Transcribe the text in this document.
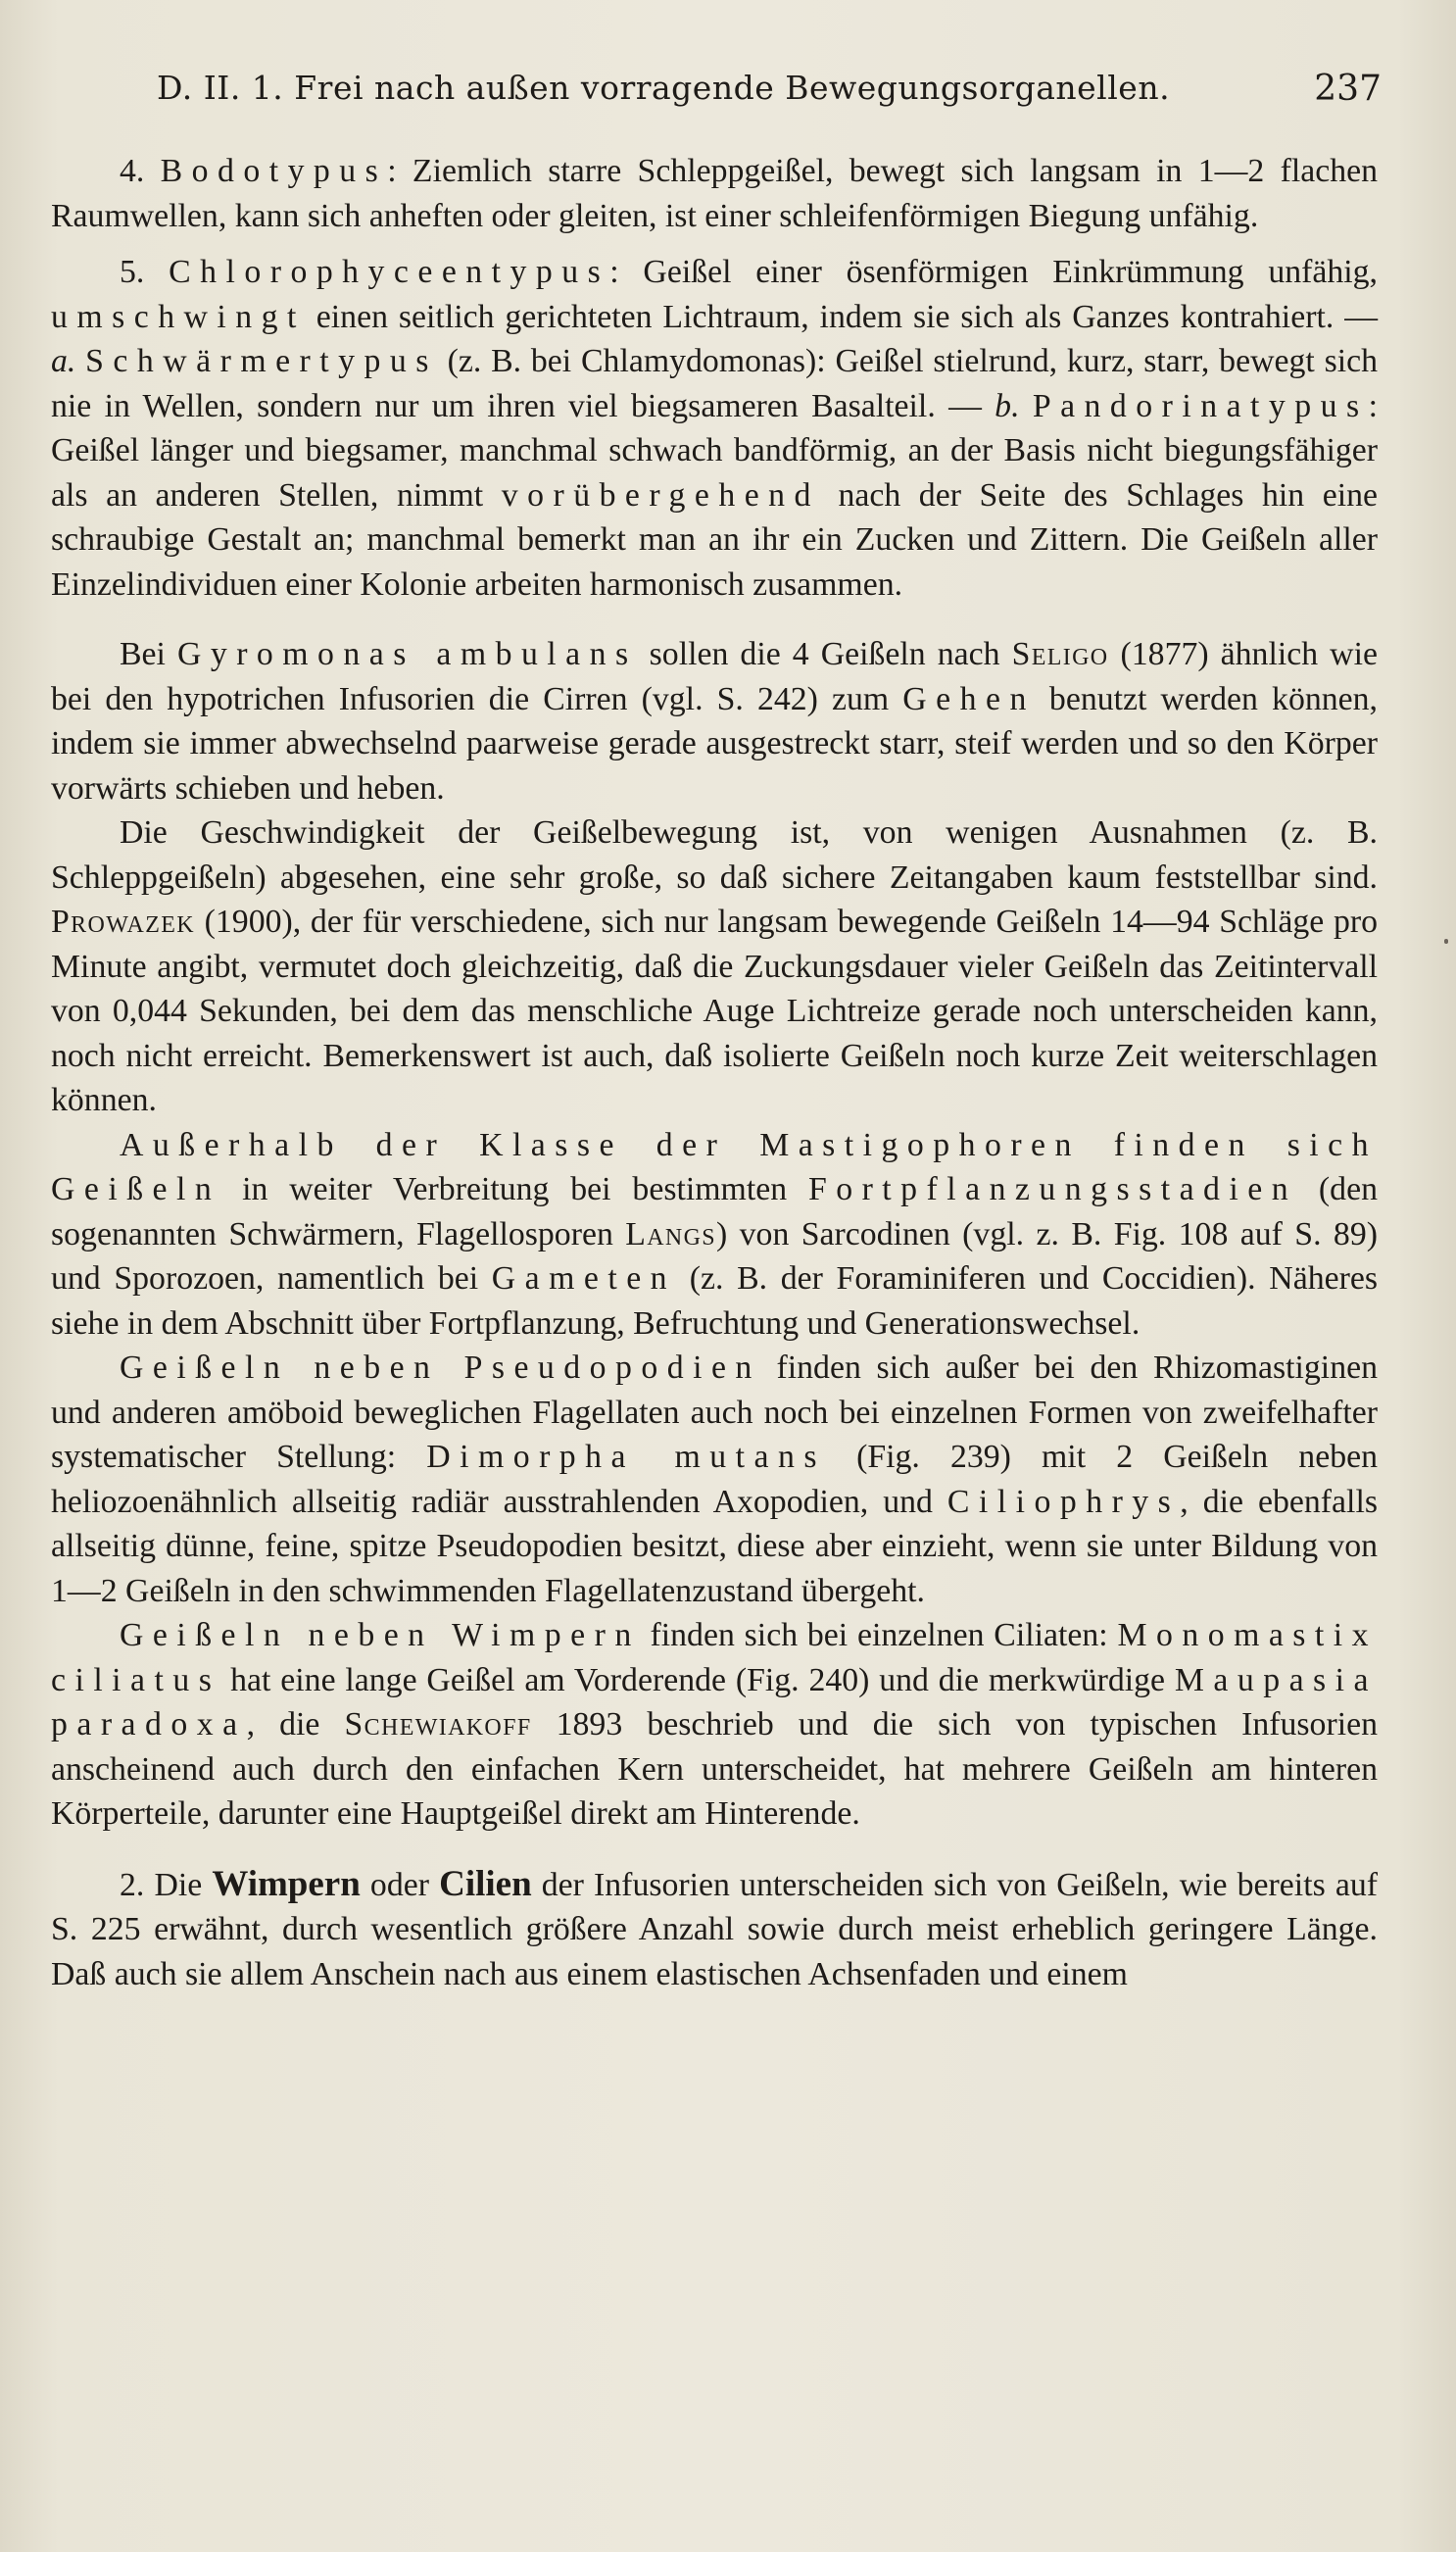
D. II. 1. Frei nach außen vorragende Bewegungsorganellen.	237

4. Bodotypus: Ziemlich starre Schleppgeißel, bewegt sich langsam in 1—2 flachen Raumwellen, kann sich anheften oder gleiten, ist einer schleifenförmigen Biegung unfähig.

5. Chlorophyceentypus: Geißel einer ösenförmigen Einkrümmung unfähig, umschwingt einen seitlich gerichteten Lichtraum, indem sie sich als Ganzes kontrahiert. — a. Schwärmertypus (z. B. bei Chlamydomonas): Geißel stielrund, kurz, starr, bewegt sich nie in Wellen, sondern nur um ihren viel biegsameren Basalteil. — b. Pandorinatypus: Geißel länger und biegsamer, manchmal schwach bandförmig, an der Basis nicht biegungsfähiger als an anderen Stellen, nimmt vorübergehend nach der Seite des Schlages hin eine schraubige Gestalt an; manchmal bemerkt man an ihr ein Zucken und Zittern. Die Geißeln aller Einzelindividuen einer Kolonie arbeiten harmonisch zusammen.

Bei Gyromonas ambulans sollen die 4 Geißeln nach Seligo (1877) ähnlich wie bei den hypotrichen Infusorien die Cirren (vgl. S. 242) zum Gehen benutzt werden können, indem sie immer abwechselnd paarweise gerade ausgestreckt starr, steif werden und so den Körper vorwärts schieben und heben.

Die Geschwindigkeit der Geißelbewegung ist, von wenigen Ausnahmen (z. B. Schleppgeißeln) abgesehen, eine sehr große, so daß sichere Zeitangaben kaum feststellbar sind. Prowazek (1900), der für verschiedene, sich nur langsam bewegende Geißeln 14—94 Schläge pro Minute angibt, vermutet doch gleichzeitig, daß die Zuckungsdauer vieler Geißeln das Zeitintervall von 0,044 Sekunden, bei dem das menschliche Auge Lichtreize gerade noch unterscheiden kann, noch nicht erreicht. Bemerkenswert ist auch, daß isolierte Geißeln noch kurze Zeit weiterschlagen können.

Außerhalb der Klasse der Mastigophoren finden sich Geißeln in weiter Verbreitung bei bestimmten Fortpflanzungsstadien (den sogenannten Schwärmern, Flagellosporen Langs) von Sarcodinen (vgl. z. B. Fig. 108 auf S. 89) und Sporozoen, namentlich bei Gameten (z. B. der Foraminiferen und Coccidien). Näheres siehe in dem Abschnitt über Fortpflanzung, Befruchtung und Generationswechsel.

Geißeln neben Pseudopodien finden sich außer bei den Rhizomastiginen und anderen amöboid beweglichen Flagellaten auch noch bei einzelnen Formen von zweifelhafter systematischer Stellung: Dimorpha mutans (Fig. 239) mit 2 Geißeln neben heliozoenähnlich allseitig radiär ausstrahlenden Axopodien, und Ciliophrys, die ebenfalls allseitig dünne, feine, spitze Pseudopodien besitzt, diese aber einzieht, wenn sie unter Bildung von 1—2 Geißeln in den schwimmenden Flagellatenzustand übergeht.

Geißeln neben Wimpern finden sich bei einzelnen Ciliaten: Monomastix ciliatus hat eine lange Geißel am Vorderende (Fig. 240) und die merkwürdige Maupasia paradoxa, die Schewiakoff 1893 beschrieb und die sich von typischen Infusorien anscheinend auch durch den einfachen Kern unterscheidet, hat mehrere Geißeln am hinteren Körperteile, darunter eine Hauptgeißel direkt am Hinterende.

2. Die Wimpern oder Cilien der Infusorien unterscheiden sich von Geißeln, wie bereits auf S. 225 erwähnt, durch wesentlich größere Anzahl sowie durch meist erheblich geringere Länge. Daß auch sie allem Anschein nach aus einem elastischen Achsenfaden und einem
